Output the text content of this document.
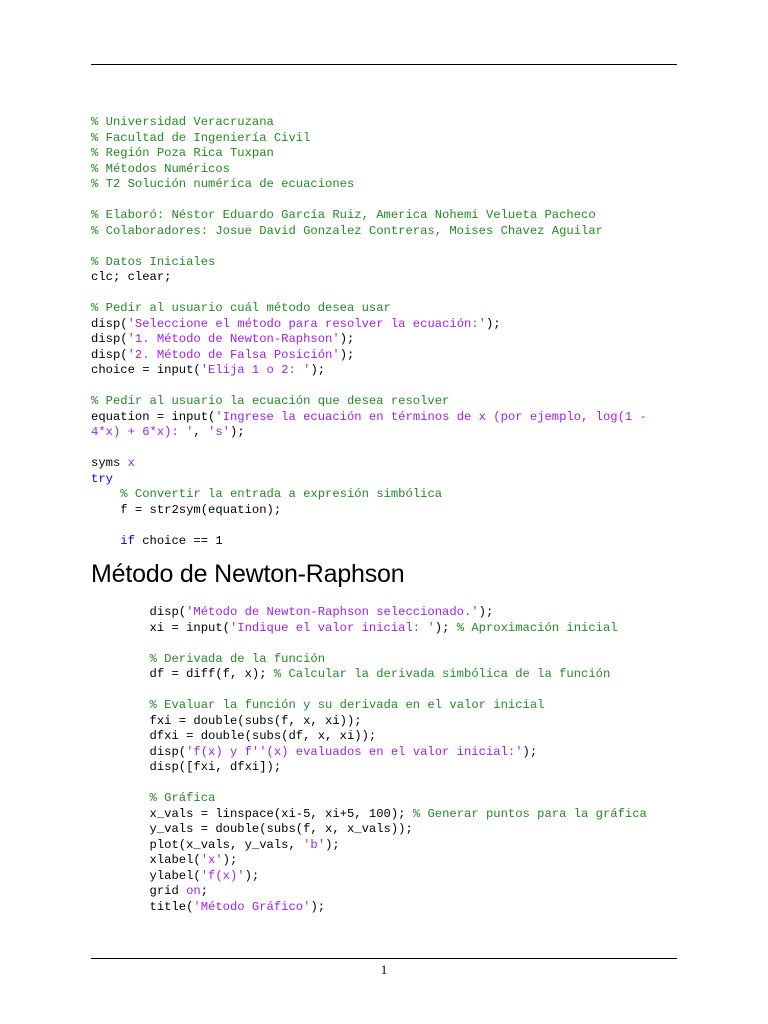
% Universidad Veracruzana
% Facultad de Ingeniería Civil
% Región Poza Rica Tuxpan
% Métodos Numéricos
% T2 Solución numérica de ecuaciones
% Elaboró: Néstor Eduardo García Ruiz, America Nohemi Velueta Pacheco
% Colaboradores: Josue David Gonzalez Contreras, Moises Chavez Aguilar
% Datos Iniciales
clc; clear;
% Pedir al usuario cuál método desea usar
disp('Seleccione el método para resolver la ecuación:');
disp('1. Método de Newton-Raphson');
disp('2. Método de Falsa Posición');
choice = input('Elija 1 o 2: ');
% Pedir al usuario la ecuación que desea resolver
equation = input('Ingrese la ecuación en términos de x (por ejemplo, log(1 -
4*x) + 6*x): ', 's');
syms x
try
% Convertir la entrada a expresión simbólica
f = str2sym(equation);
if choice == 1
Método de Newton-Raphson
disp('Método de Newton-Raphson seleccionado.');
xi = input('Indique el valor inicial: '); % Aproximación inicial
% Derivada de la función
df = diff(f, x); % Calcular la derivada simbólica de la función
% Evaluar la función y su derivada en el valor inicial
fxi = double(subs(f, x, xi));
dfxi = double(subs(df, x, xi));
disp('f(x) y f''(x) evaluados en el valor inicial:');
disp([fxi, dfxi]);
% Gráfica
x_vals = linspace(xi-5, xi+5, 100); % Generar puntos para la gráfica
y_vals = double(subs(f, x, x_vals));
plot(x_vals, y_vals, 'b');
xlabel('x');
ylabel('f(x)');
grid on;
title('Método Gráfico');
1
